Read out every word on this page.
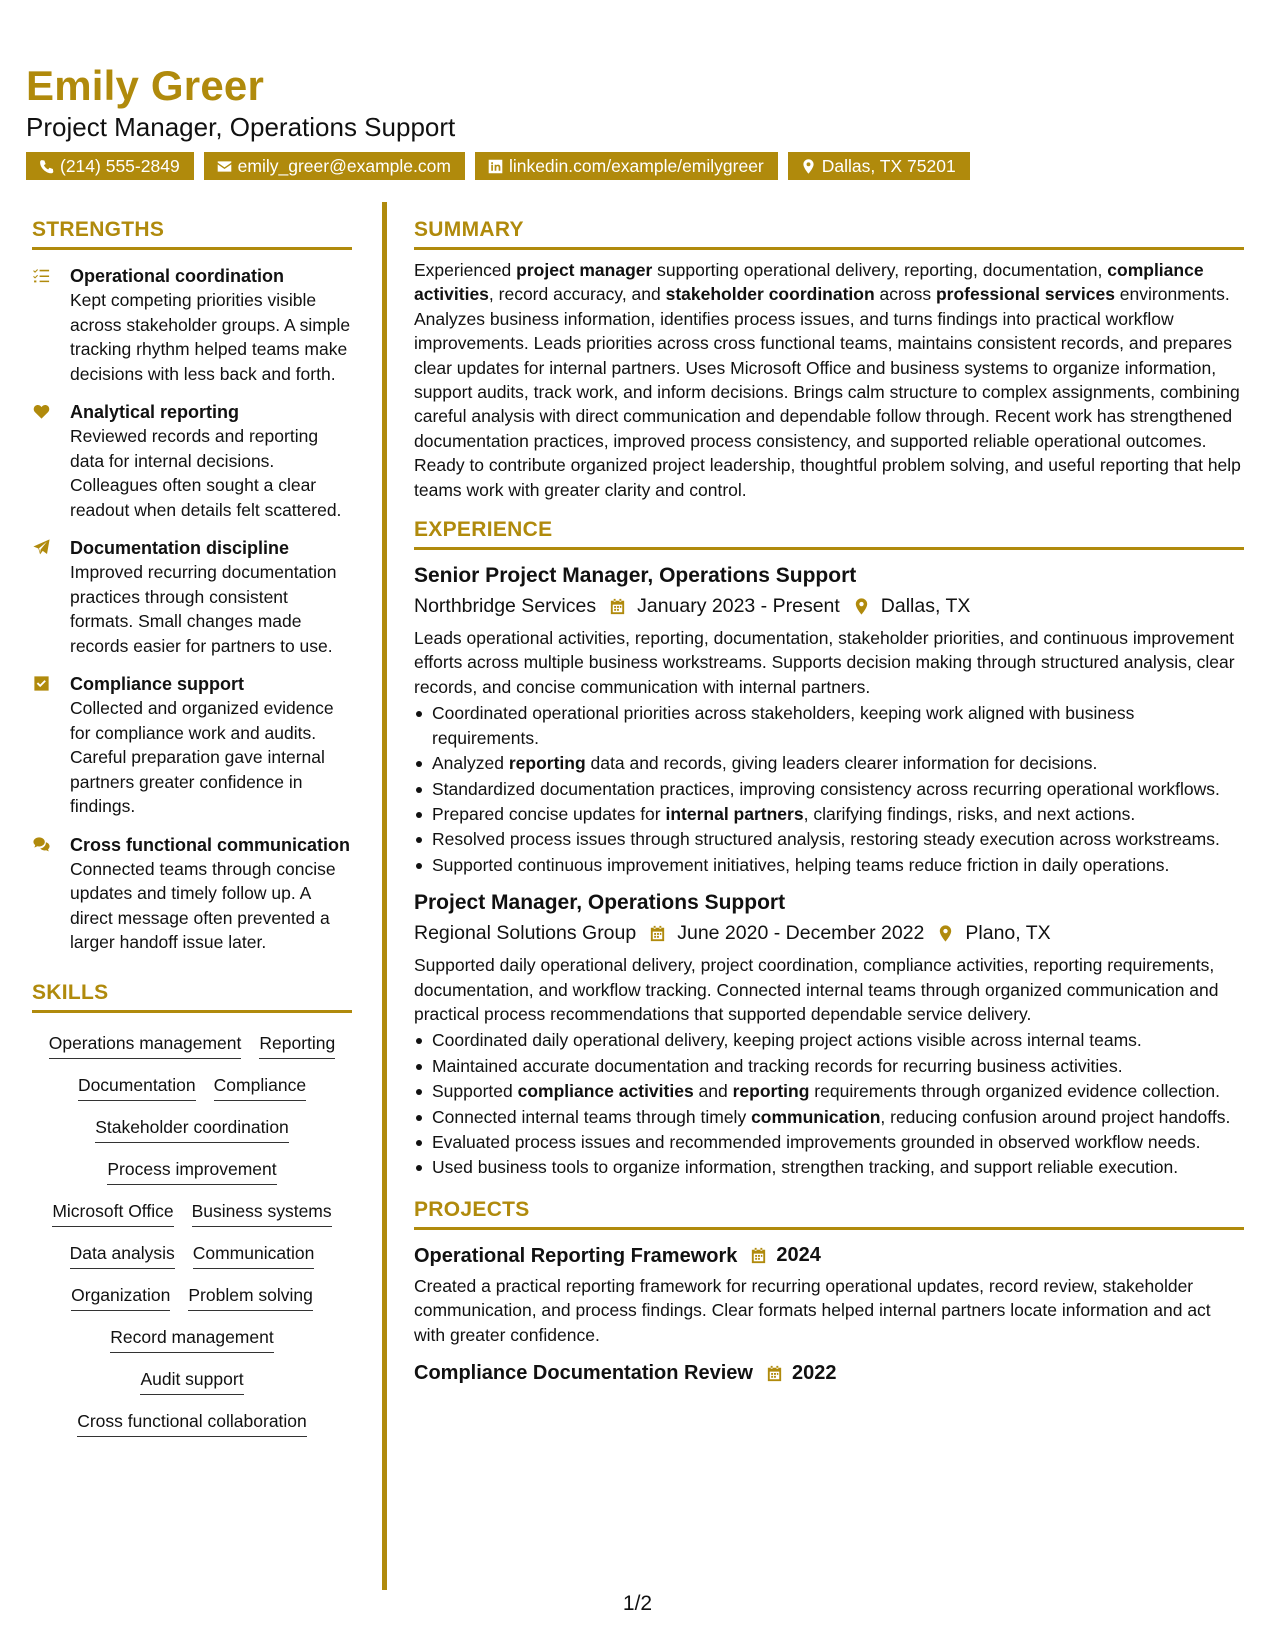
Emily Greer
Project Manager, Operations Support
(214) 555-2849	emily_greer@example.com	linkedin.com/example/emilygreer	Dallas, TX 75201
STRENGTHS
Operational coordination
Kept competing priorities visible across stakeholder groups. A simple tracking rhythm helped teams make decisions with less back and forth.
Analytical reporting
Reviewed records and reporting data for internal decisions. Colleagues often sought a clear readout when details felt scattered.
Documentation discipline
Improved recurring documentation practices through consistent formats. Small changes made records easier for partners to use.
Compliance support
Collected and organized evidence for compliance work and audits. Careful preparation gave internal partners greater confidence in findings.
Cross functional communication
Connected teams through concise updates and timely follow up. A direct message often prevented a larger handoff issue later.
SKILLS
Operations management Reporting
Documentation Compliance
Stakeholder coordination
Process improvement
Microsoft Office Business systems
Data analysis Communication
Organization Problem solving
Record management
Audit support
Cross functional collaboration
SUMMARY
Experienced project manager supporting operational delivery, reporting, documentation, compliance activities, record accuracy, and stakeholder coordination across professional services environments. Analyzes business information, identifies process issues, and turns findings into practical workflow improvements. Leads priorities across cross functional teams, maintains consistent records, and prepares clear updates for internal partners. Uses Microsoft Office and business systems to organize information, support audits, track work, and inform decisions. Brings calm structure to complex assignments, combining careful analysis with direct communication and dependable follow through. Recent work has strengthened documentation practices, improved process consistency, and supported reliable operational outcomes. Ready to contribute organized project leadership, thoughtful problem solving, and useful reporting that help teams work with greater clarity and control.
EXPERIENCE
Senior Project Manager, Operations Support
Northbridge Services January 2023 - Present Dallas, TX
Leads operational activities, reporting, documentation, stakeholder priorities, and continuous improvement efforts across multiple business workstreams. Supports decision making through structured analysis, clear records, and concise communication with internal partners.
Coordinated operational priorities across stakeholders, keeping work aligned with business requirements.
Analyzed reporting data and records, giving leaders clearer information for decisions.
Standardized documentation practices, improving consistency across recurring operational workflows.
Prepared concise updates for internal partners, clarifying findings, risks, and next actions.
Resolved process issues through structured analysis, restoring steady execution across workstreams.
Supported continuous improvement initiatives, helping teams reduce friction in daily operations.
Project Manager, Operations Support
Regional Solutions Group June 2020 - December 2022 Plano, TX
Supported daily operational delivery, project coordination, compliance activities, reporting requirements, documentation, and workflow tracking. Connected internal teams through organized communication and practical process recommendations that supported dependable service delivery.
Coordinated daily operational delivery, keeping project actions visible across internal teams.
Maintained accurate documentation and tracking records for recurring business activities.
Supported compliance activities and reporting requirements through organized evidence collection.
Connected internal teams through timely communication, reducing confusion around project handoffs.
Evaluated process issues and recommended improvements grounded in observed workflow needs.
Used business tools to organize information, strengthen tracking, and support reliable execution.
PROJECTS
Operational Reporting Framework 2024
Created a practical reporting framework for recurring operational updates, record review, stakeholder communication, and process findings. Clear formats helped internal partners locate information and act with greater confidence.
Compliance Documentation Review 2022
1/2
